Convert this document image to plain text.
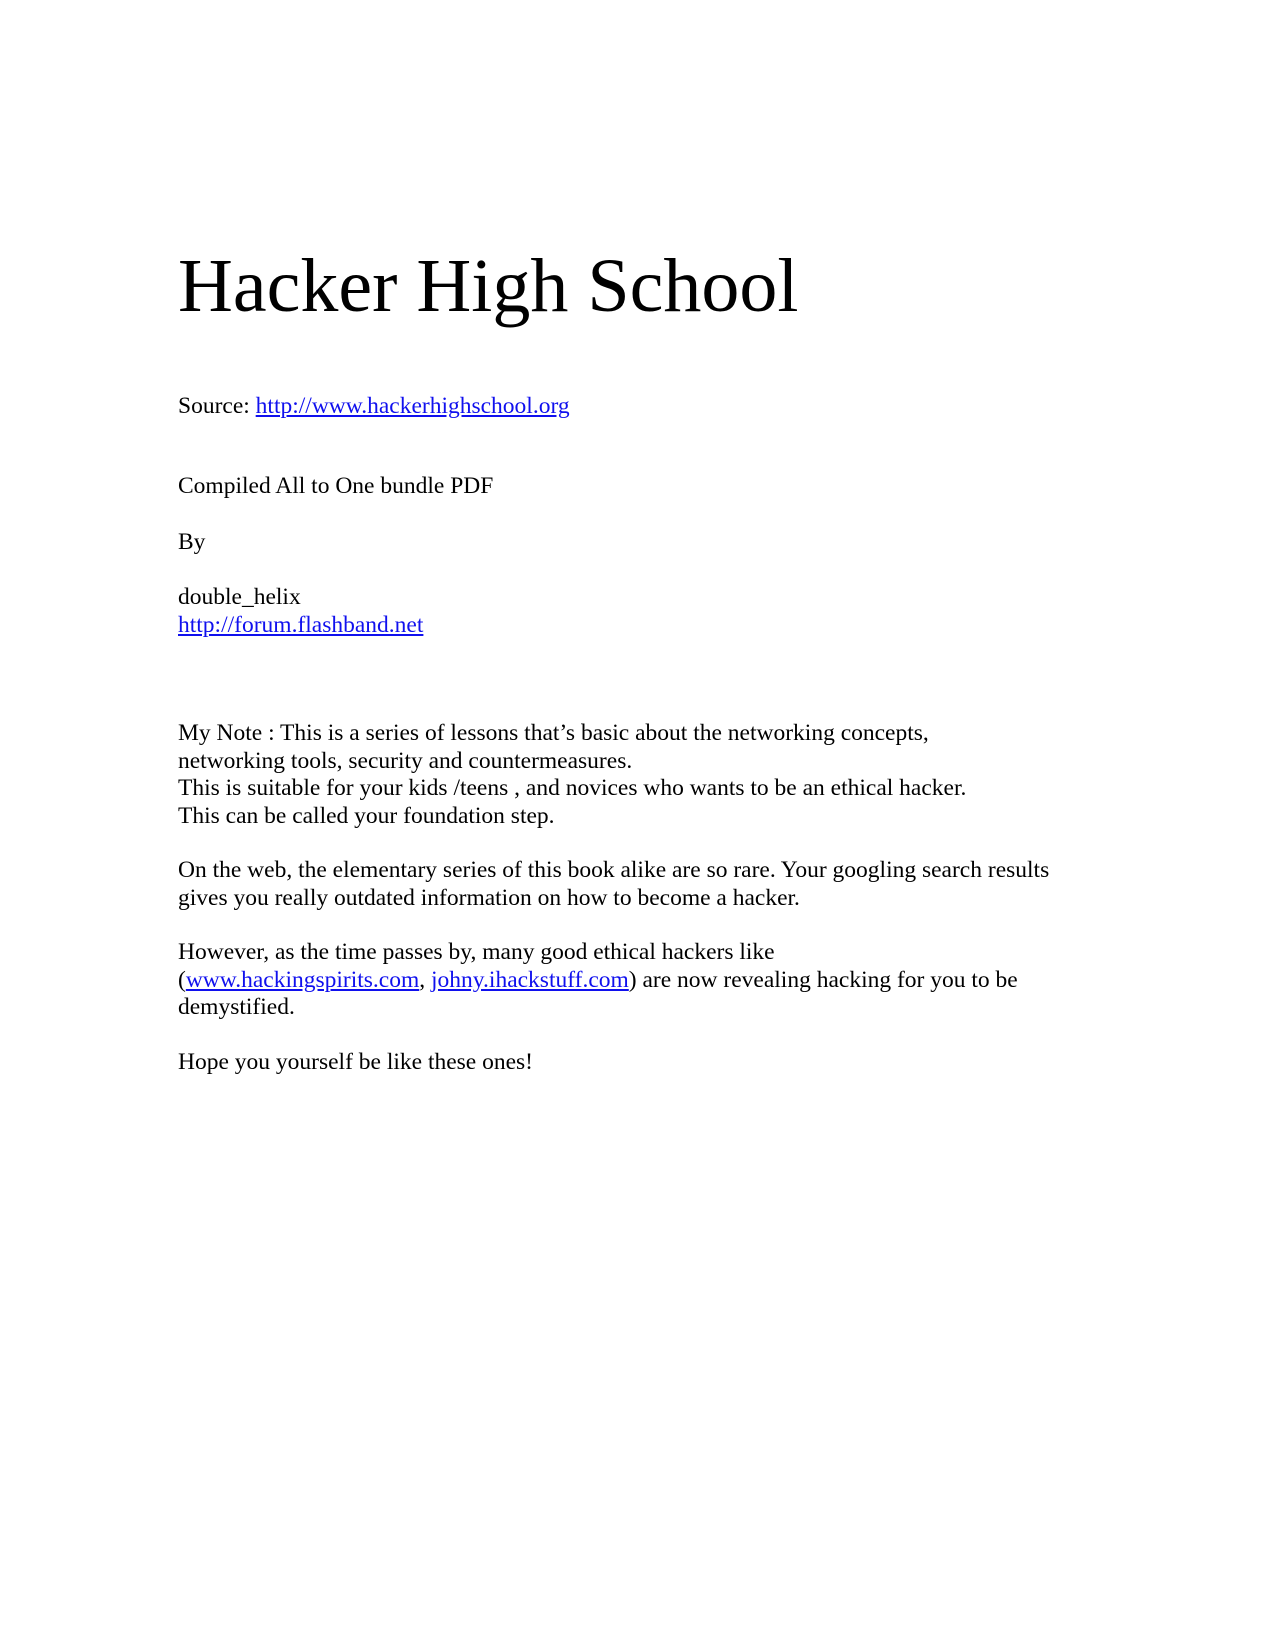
Hacker High School

Source: http://www.hackerhighschool.org

Compiled All to One bundle PDF

By

double_helix

http://forum.flashband.net

My Note : This is a series of lessons that’s basic about the networking concepts,
networking tools, security and countermeasures.
This is suitable for your kids /teens , and novices who wants to be an ethical hacker.
This can be called your foundation step.

On the web, the elementary series of this book alike are so rare. Your googling search results gives you really outdated information on how to become a hacker.

However, as the time passes by, many good ethical hackers like
(www.hackingspirits.com, johny.ihackstuff.com) are now revealing hacking for you to be demystified.

Hope you yourself be like these ones!
